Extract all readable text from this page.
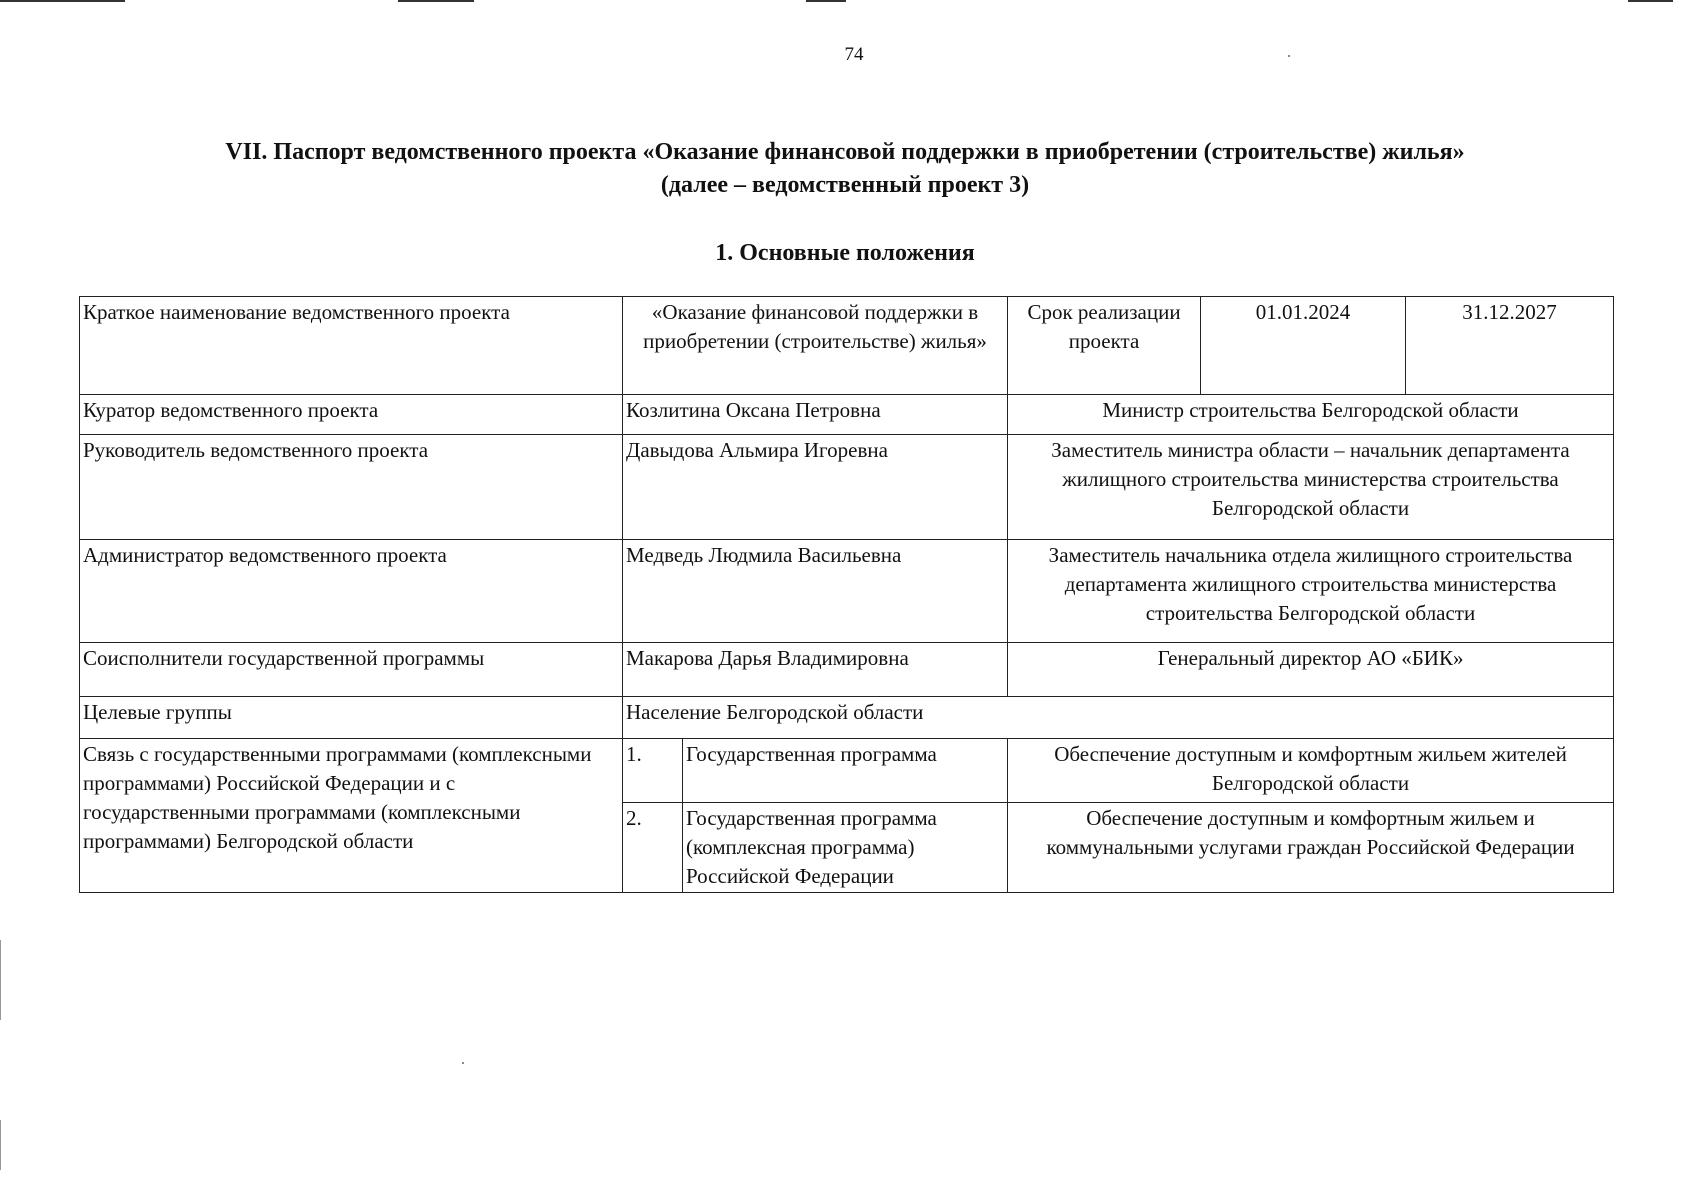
74
VII. Паспорт ведомственного проекта «Оказание финансовой поддержки в приобретении (строительстве) жилья»
(далее – ведомственный проект 3)
1. Основные положения
Краткое наименование ведомственного проекта	«Оказание финансовой поддержки в приобретении (строительстве) жилья»		Срок реализации проекта	01.01.2024	31.12.2027
Куратор ведомственного проекта	Козлитина Оксана Петровна		Министр строительства Белгородской области		
Руководитель ведомственного проекта	Давыдова Альмира Игоревна		Заместитель министра области – начальник департамента жилищного строительства министерства строительства Белгородской области		
Администратор ведомственного проекта	Медведь Людмила Васильевна		Заместитель начальника отдела жилищного строительства департамента жилищного строительства министерства строительства Белгородской области		
Соисполнители государственной программы	Макарова Дарья Владимировна		Генеральный директор АО «БИК»		
Целевые группы	Население Белгородской области				
Связь с государственными программами (комплексными программами) Российской Федерации и с государственными программами (комплексными программами) Белгородской области	1.	Государственная программа	Обеспечение доступным и комфортным жильем жителей Белгородской области		
	2.	Государственная программа (комплексная программа) Российской Федерации	Обеспечение доступным и комфортным жильем и коммунальными услугами граждан Российской Федерации		
